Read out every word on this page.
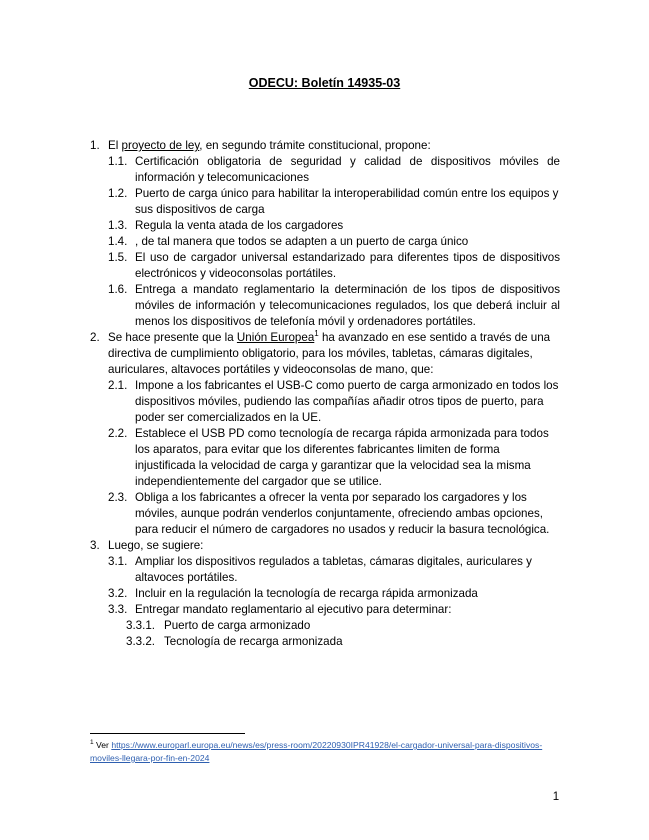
ODECU: Boletín 14935-03
1. El proyecto de ley, en segundo trámite constitucional, propone:
1.1. Certificación obligatoria de seguridad y calidad de dispositivos móviles de información y telecomunicaciones
1.2. Puerto de carga único para habilitar la interoperabilidad común entre los equipos y sus dispositivos de carga
1.3. Regula la venta atada de los cargadores
1.4. , de tal manera que todos se adapten a un puerto de carga único
1.5. El uso de cargador universal estandarizado para diferentes tipos de dispositivos electrónicos y videoconsolas portátiles.
1.6. Entrega a mandato reglamentario la determinación de los tipos de dispositivos móviles de información y telecomunicaciones regulados, los que deberá incluir al menos los dispositivos de telefonía móvil y ordenadores portátiles.
2. Se hace presente que la Unión Europea$^1$ ha avanzado en ese sentido a través de una directiva de cumplimiento obligatorio, para los móviles, tabletas, cámaras digitales, auriculares, altavoces portátiles y videoconsolas de mano, que:
2.1. Impone a los fabricantes el USB-C como puerto de carga armonizado en todos los dispositivos móviles, pudiendo las compañías añadir otros tipos de puerto, para poder ser comercializados en la UE.
2.2. Establece el USB PD como tecnología de recarga rápida armonizada para todos los aparatos, para evitar que los diferentes fabricantes limiten de forma injustificada la velocidad de carga y garantizar que la velocidad sea la misma independientemente del cargador que se utilice.
2.3. Obliga a los fabricantes a ofrecer la venta por separado los cargadores y los móviles, aunque podrán venderlos conjuntamente, ofreciendo ambas opciones, para reducir el número de cargadores no usados y reducir la basura tecnológica.
3. Luego, se sugiere:
3.1. Ampliar los dispositivos regulados a tabletas, cámaras digitales, auriculares y altavoces portátiles.
3.2. Incluir en la regulación la tecnología de recarga rápida armonizada
3.3. Entregar mandato reglamentario al ejecutivo para determinar:
3.3.1. Puerto de carga armonizado
3.3.2. Tecnología de recarga armonizada
$^1$ Ver https://www.europarl.europa.eu/news/es/press-room/20220930IPR41928/el-cargador-universal-para-dispositivos-moviles-llegara-por-fin-en-2024
1
